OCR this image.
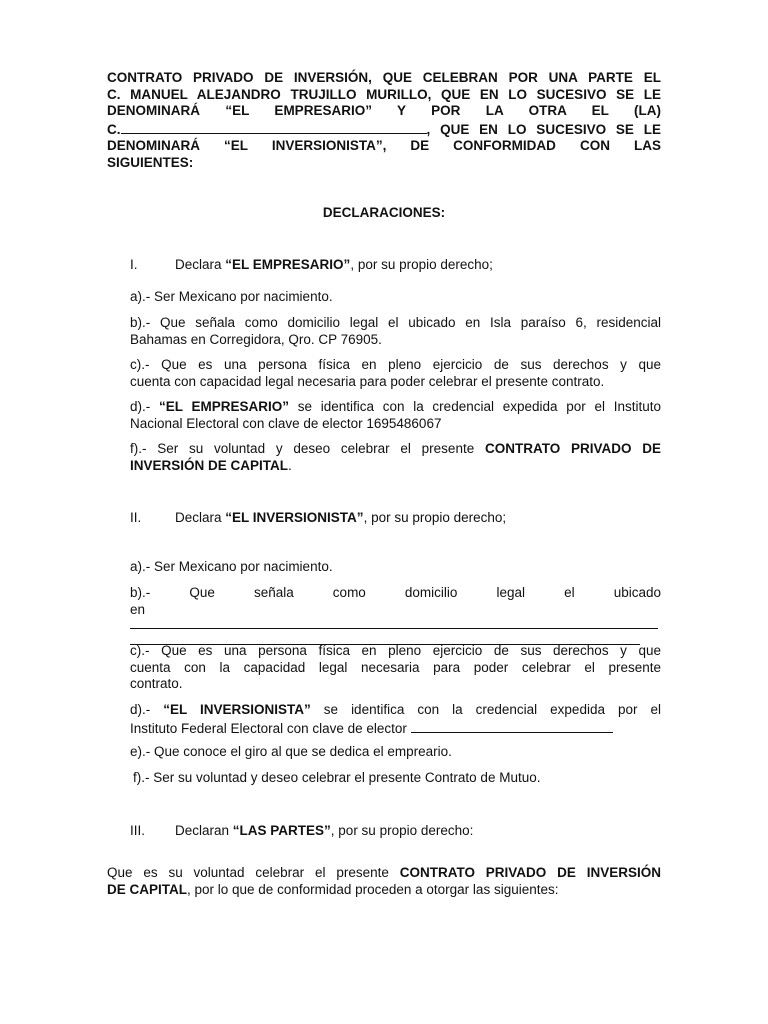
CONTRATO PRIVADO DE INVERSIÓN, QUE CELEBRAN POR UNA PARTE EL
C. MANUEL ALEJANDRO TRUJILLO MURILLO, QUE EN LO SUCESIVO SE LE
DENOMINARÁ “EL EMPRESARIO” Y POR LA OTRA EL (LA)
C.	, QUE EN LO SUCESIVO SE LE
DENOMINARÁ “EL INVERSIONISTA”, DE CONFORMIDAD CON LAS
SIGUIENTES:
DECLARACIONES:
I.	Declara “EL EMPRESARIO”, por su propio derecho;
a).- Ser Mexicano por nacimiento.
b).- Que señala como domicilio legal el ubicado en Isla paraíso 6, residencial
Bahamas en Corregidora, Qro. CP 76905.
c).- Que es una persona física en pleno ejercicio de sus derechos y que
cuenta con capacidad legal necesaria para poder celebrar el presente contrato.
d).- “EL EMPRESARIO” se identifica con la credencial expedida por el Instituto
Nacional Electoral con clave de elector 1695486067
f).- Ser su voluntad y deseo celebrar el presente CONTRATO PRIVADO DE
INVERSIÓN DE CAPITAL.
II. Declara “EL INVERSIONISTA”, por su propio derecho;
a).- Ser Mexicano por nacimiento.
b).- Que señala como domicilio legal el ubicado en
c).- Que es una persona física en pleno ejercicio de sus derechos y que
cuenta con la capacidad legal necesaria para poder celebrar el presente
contrato.
d).- “EL INVERSIONISTA” se identifica con la credencial expedida por el
Instituto Federal Electoral con clave de elector
e).- Que conoce el giro al que se dedica el empreario.
f).- Ser su voluntad y deseo celebrar el presente Contrato de Mutuo.
III. Declaran “LAS PARTES”, por su propio derecho:
Que es su voluntad celebrar el presente CONTRATO PRIVADO DE INVERSIÓN
DE CAPITAL, por lo que de conformidad proceden a otorgar las siguientes:
